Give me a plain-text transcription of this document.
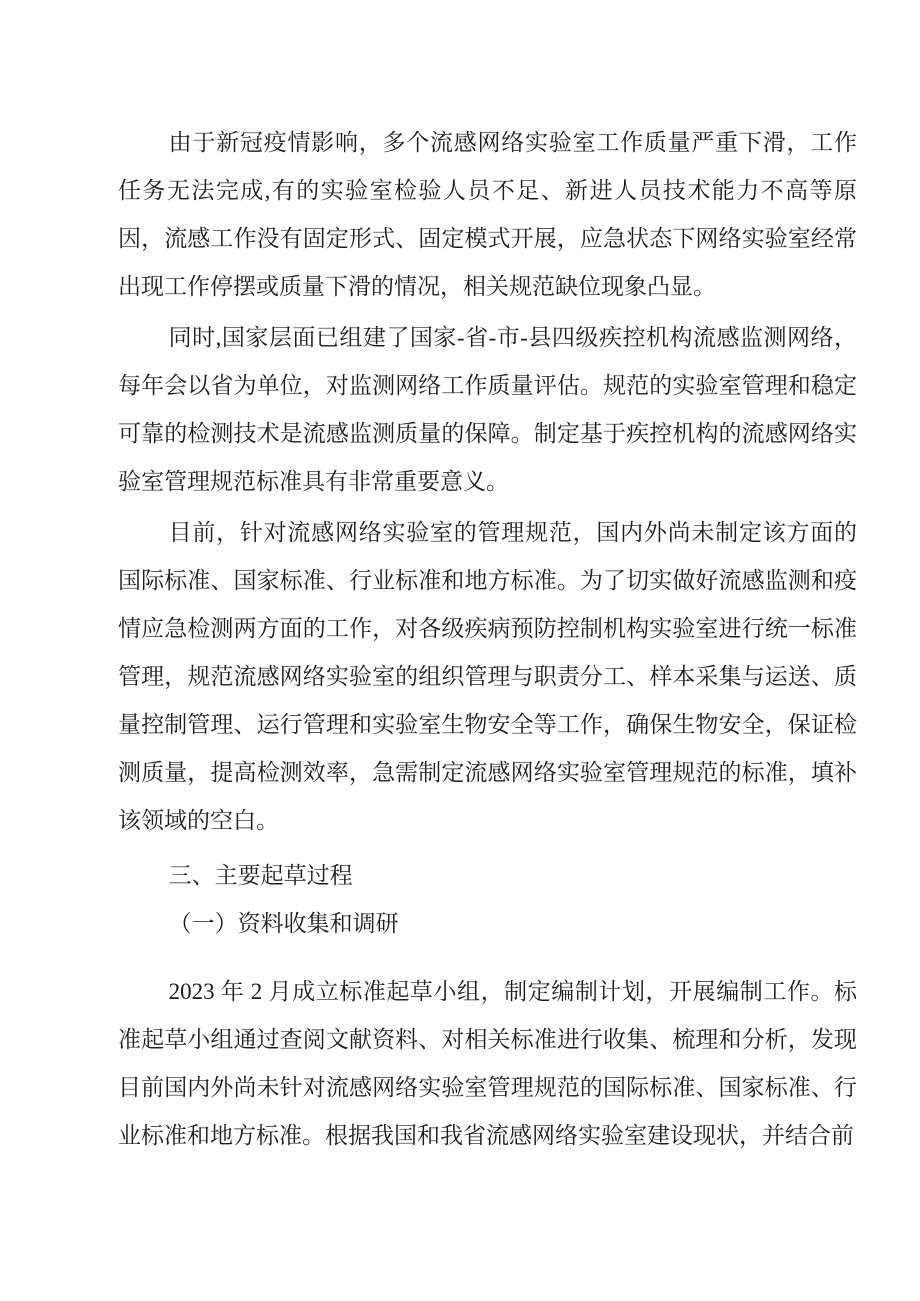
由于新冠疫情影响，多个流感网络实验室工作质量严重下滑，工作任务无法完成,有的实验室检验人员不足、新进人员技术能力不高等原因，流感工作没有固定形式、固定模式开展，应急状态下网络实验室经常出现工作停摆或质量下滑的情况，相关规范缺位现象凸显。

同时,国家层面已组建了国家-省-市-县四级疾控机构流感监测网络，每年会以省为单位，对监测网络工作质量评估。规范的实验室管理和稳定可靠的检测技术是流感监测质量的保障。制定基于疾控机构的流感网络实验室管理规范标准具有非常重要意义。

目前，针对流感网络实验室的管理规范，国内外尚未制定该方面的国际标准、国家标准、行业标准和地方标准。为了切实做好流感监测和疫情应急检测两方面的工作，对各级疾病预防控制机构实验室进行统一标准管理，规范流感网络实验室的组织管理与职责分工、样本采集与运送、质量控制管理、运行管理和实验室生物安全等工作，确保生物安全，保证检测质量，提高检测效率，急需制定流感网络实验室管理规范的标准，填补该领域的空白。

三、主要起草过程
（一）资料收集和调研

2023 年 2 月成立标准起草小组，制定编制计划，开展编制工作。标准起草小组通过查阅文献资料、对相关标准进行收集、梳理和分析，发现目前国内外尚未针对流感网络实验室管理规范的国际标准、国家标准、行业标准和地方标准。根据我国和我省流感网络实验室建设现状，并结合前
